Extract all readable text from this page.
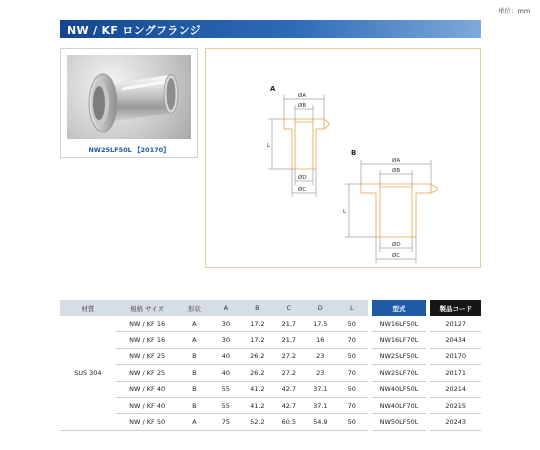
単位：mm
NW / KF ロングフランジ
NW25LF50L 【20170】
A
ØA
ØB
ØD
ØC
L
B
ØA
ØB
ØD
ØC
L
材質	規格 サイズ	形状	A	B	C	D	L		型式		製品コード
SUS 304	NW / KF 16	A	30	17.2	21.7	17.5	50		NW16LF50L		20127
	NW / KF 16	A	30	17.2	21.7	16	70		NW16LF70L		20434
	NW / KF 25	B	40	26.2	27.2	23	50		NW25LF50L		20170
	NW / KF 25	B	40	26.2	27.2	23	70		NW25LF70L		20171
	NW / KF 40	B	55	41.2	42.7	37.1	50		NW40LF50L		20214
	NW / KF 40	B	55	41.2	42.7	37.1	70		NW40LF70L		20215
	NW / KF 50	A	75	52.2	60.5	54.9	50		NW50LF50L		20243
